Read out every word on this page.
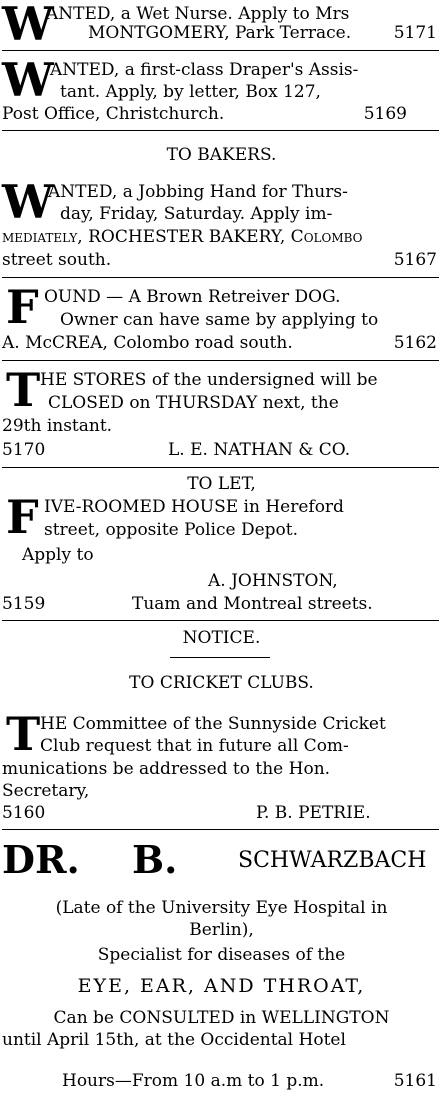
W
ANTED, a Wet Nurse. Apply to Mrs
MONTGOMERY, Park Terrace.	5171
W
ANTED, a first-class Draper's Assis-
tant. Apply, by letter, Box 127,
Post Office, Christchurch.	5169
TO BAKERS.
W
ANTED, a Jobbing Hand for Thurs-
day, Friday, Saturday. Apply im-
mediately, ROCHESTER BAKERY, Colombo
street south.	5167
F OUND — A Brown Retreiver DOG.
Owner can have same by applying to
A. McCREA, Colombo road south.	5162
T HE STORES of the undersigned will be
CLOSED on THURSDAY next, the
29th instant.
5170	L. E. NATHAN & CO.
TO LET,
F IVE-ROOMED HOUSE in Hereford
street, opposite Police Depot.
Apply to
A. JOHNSTON,
5159	Tuam and Montreal streets.
NOTICE.
TO CRICKET CLUBS.
T HE Committee of the Sunnyside Cricket
Club request that in future all Com-
munications be addressed to the Hon.
Secretary,
5160	P. B. PETRIE.
DR. B.	SCHWARZBACH
(Late of the University Eye Hospital in
Berlin),
Specialist for diseases of the
EYE, EAR, AND THROAT,
Can be CONSULTED in WELLINGTON
until April 15th, at the Occidental Hotel
Hours—From 10 a.m to 1 p.m.	5161
